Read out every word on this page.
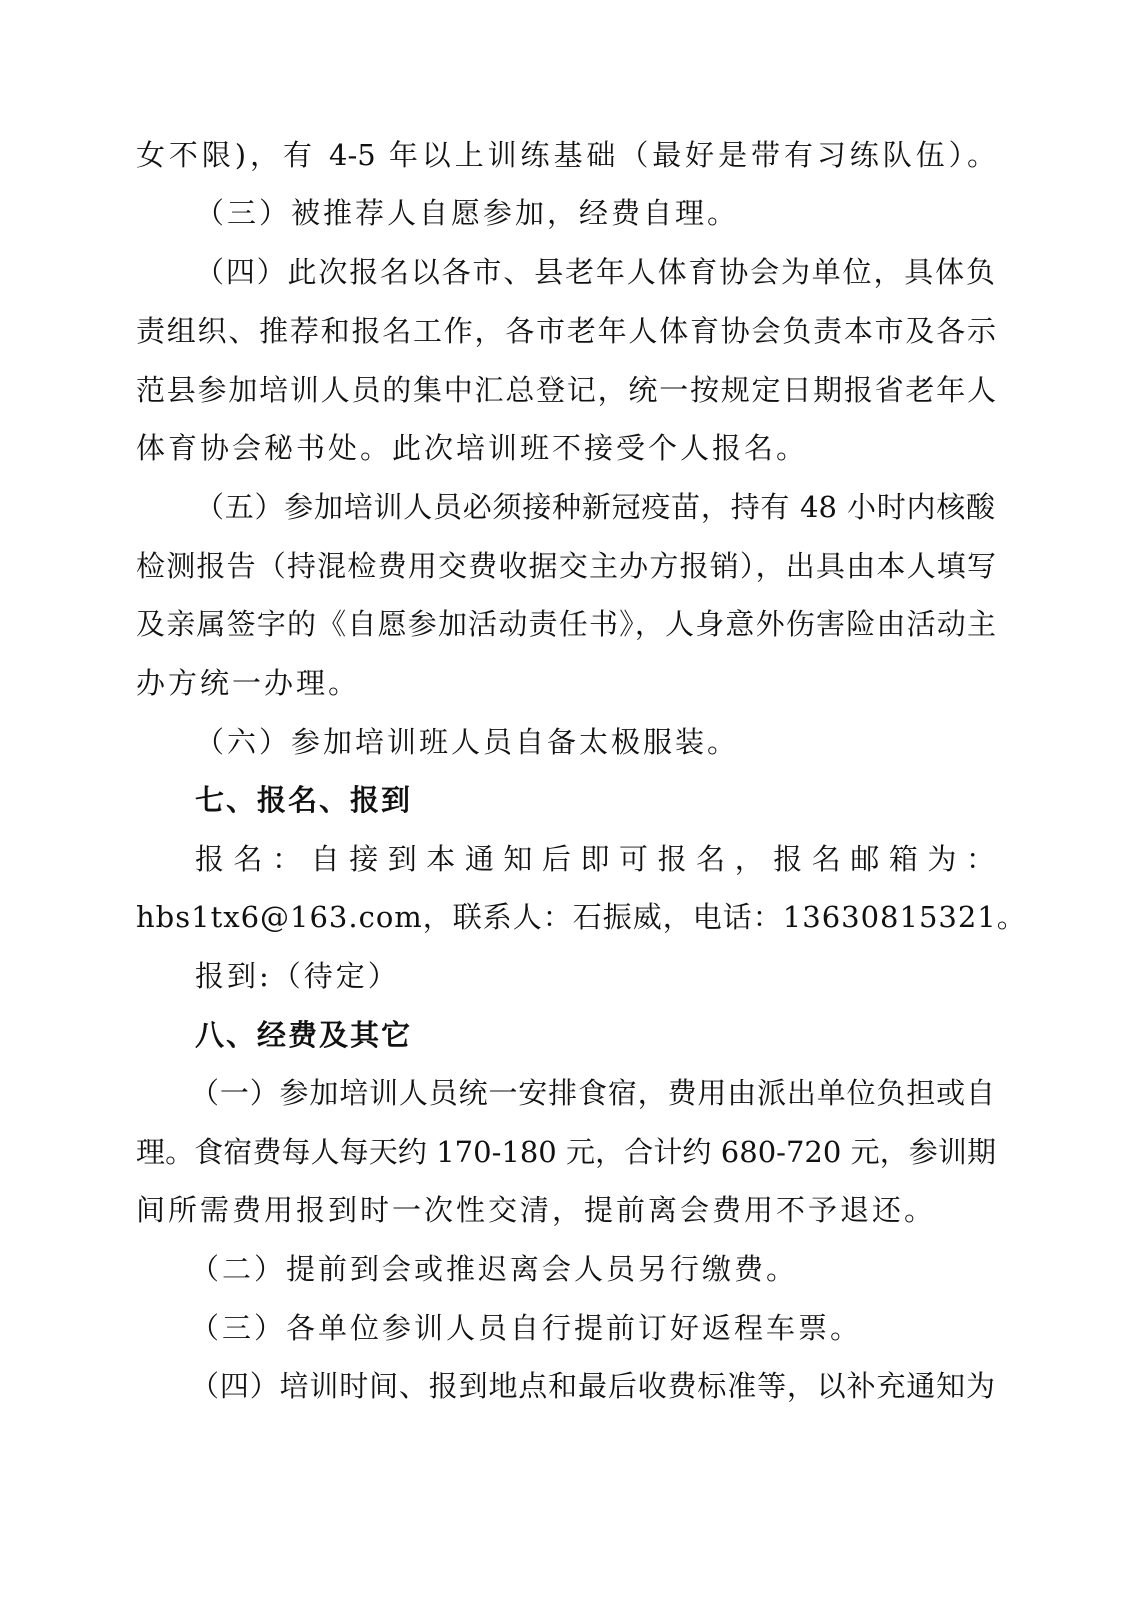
女不限)，有 4-5 年以上训练基础（最好是带有习练队伍）。
（三）被推荐人自愿参加，经费自理。
（四）此次报名以各市、县老年人体育协会为单位，具体负
责组织、推荐和报名工作，各市老年人体育协会负责本市及各示
范县参加培训人员的集中汇总登记，统一按规定日期报省老年人
体育协会秘书处。此次培训班不接受个人报名。
（五）参加培训人员必须接种新冠疫苗，持有 48 小时内核酸
检测报告（持混检费用交费收据交主办方报销），出具由本人填写
及亲属签字的《自愿参加活动责任书》，人身意外伤害险由活动主
办方统一办理。
（六）参加培训班人员自备太极服装。
七、报名、报到
报名：自接到本通知后即可报名，报名邮箱为：
hbs1tx6@163.com，联系人：石振威，电话：13630815321。
报到:（待定）
八、经费及其它
（一）参加培训人员统一安排食宿，费用由派出单位负担或自
理。食宿费每人每天约 170-180 元，合计约 680-720 元，参训期
间所需费用报到时一次性交清，提前离会费用不予退还。
（二）提前到会或推迟离会人员另行缴费。
（三）各单位参训人员自行提前订好返程车票。
（四）培训时间、报到地点和最后收费标准等，以补充通知为
